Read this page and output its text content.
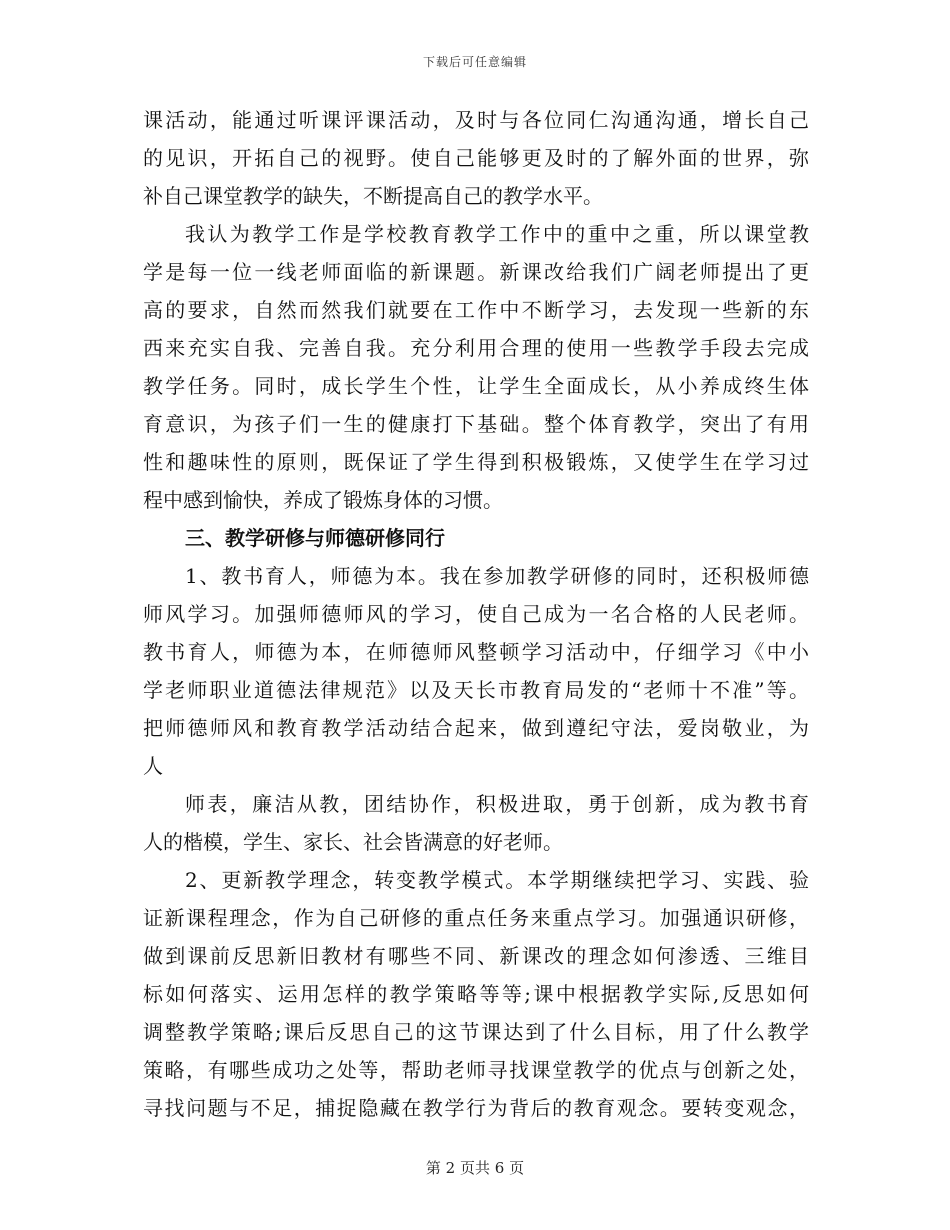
下载后可任意编辑
课活动，能通过听课评课活动，及时与各位同仁沟通沟通，增长自己
的见识，开拓自己的视野。使自己能够更及时的了解外面的世界，弥
补自己课堂教学的缺失，不断提高自己的教学水平。
我认为教学工作是学校教育教学工作中的重中之重，所以课堂教
学是每一位一线老师面临的新课题。新课改给我们广阔老师提出了更
高的要求，自然而然我们就要在工作中不断学习，去发现一些新的东
西来充实自我、完善自我。充分利用合理的使用一些教学手段去完成
教学任务。同时，成长学生个性，让学生全面成长，从小养成终生体
育意识，为孩子们一生的健康打下基础。整个体育教学，突出了有用
性和趣味性的原则，既保证了学生得到积极锻炼，又使学生在学习过
程中感到愉快，养成了锻炼身体的习惯。
三、教学研修与师德研修同行
1、教书育人，师德为本。我在参加教学研修的同时，还积极师德
师风学习。加强师德师风的学习，使自己成为一名合格的人民老师。
教书育人，师德为本，在师德师风整顿学习活动中，仔细学习《中小
学老师职业道德法律规范》以及天长市教育局发的“老师十不准”等。
把师德师风和教育教学活动结合起来，做到遵纪守法，爱岗敬业，为
人
师表，廉洁从教，团结协作，积极进取，勇于创新，成为教书育
人的楷模，学生、家长、社会皆满意的好老师。
2、更新教学理念，转变教学模式。本学期继续把学习、实践、验
证新课程理念，作为自己研修的重点任务来重点学习。加强通识研修，
做到课前反思新旧教材有哪些不同、新课改的理念如何渗透、三维目
标如何落实、运用怎样的教学策略等等;课中根据教学实际,反思如何
调整教学策略;课后反思自己的这节课达到了什么目标，用了什么教学
策略，有哪些成功之处等，帮助老师寻找课堂教学的优点与创新之处，
寻找问题与不足，捕捉隐藏在教学行为背后的教育观念。要转变观念，
第 2 页共 6 页
